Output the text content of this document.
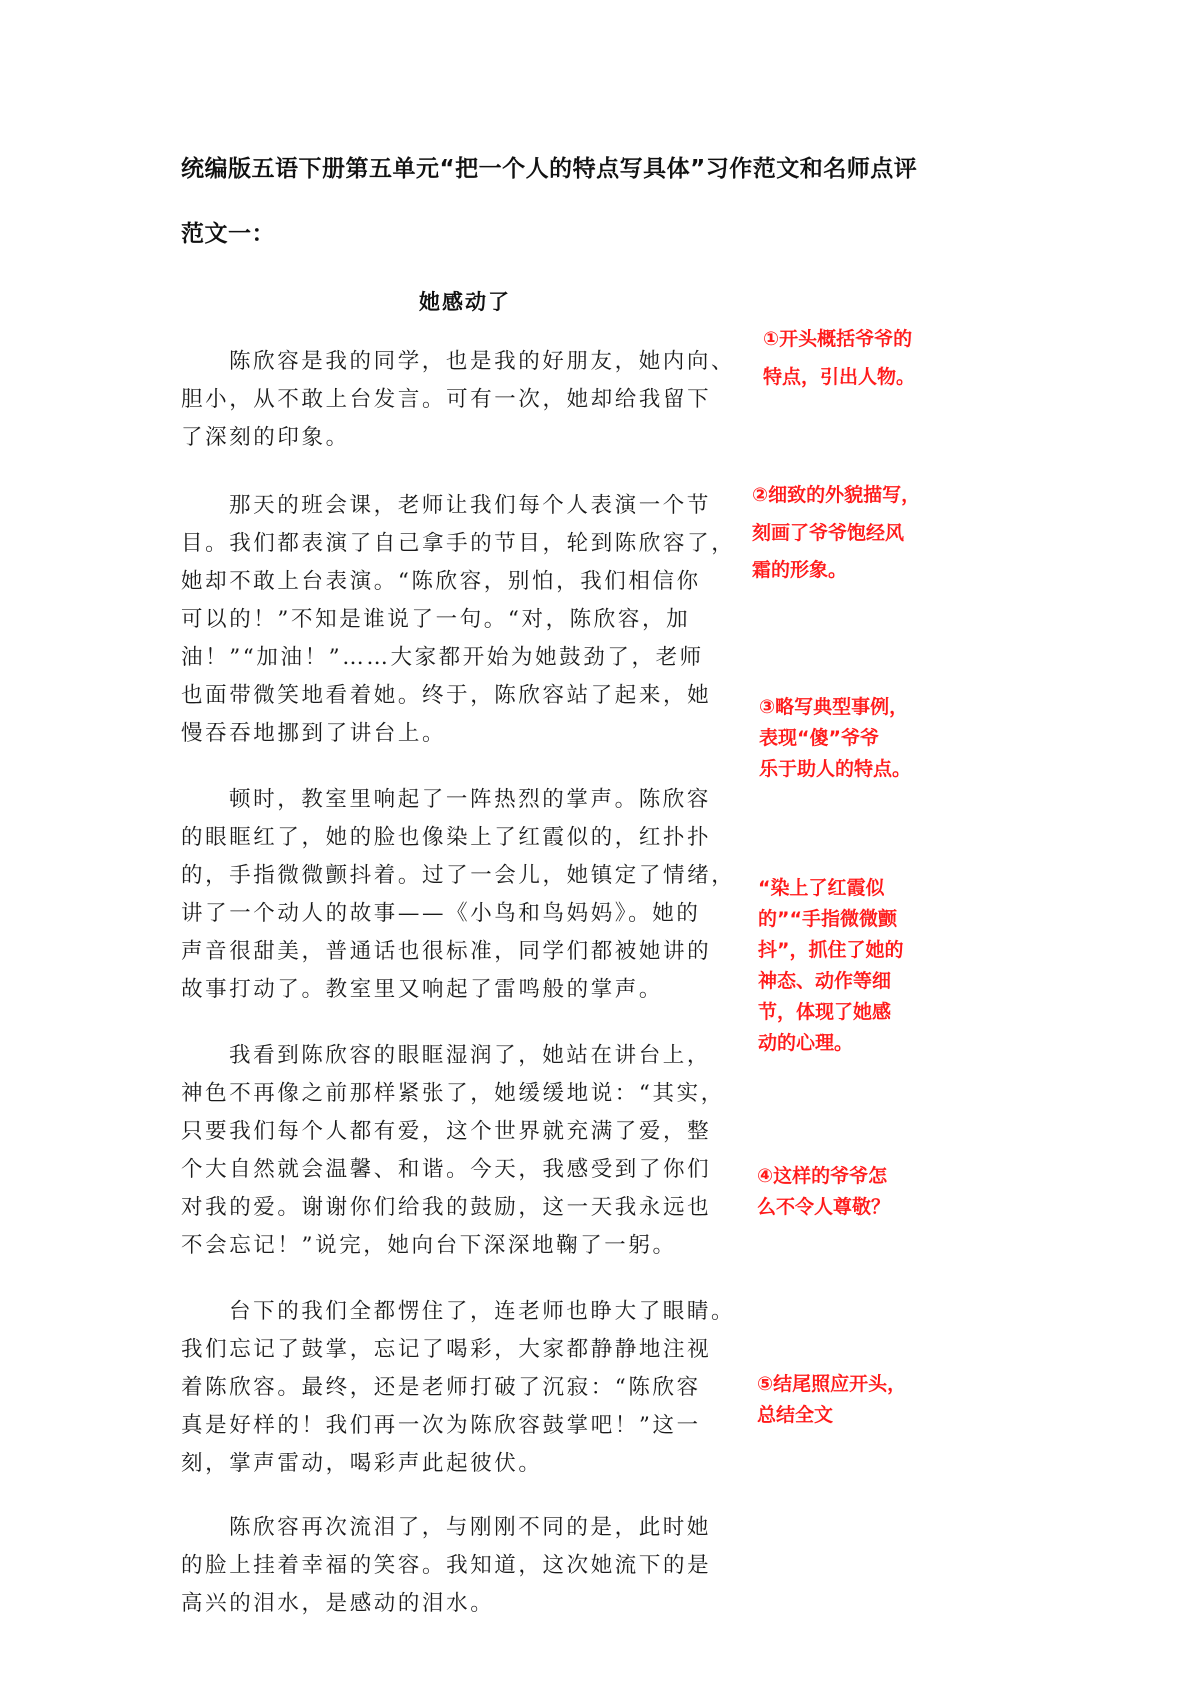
统编版五语下册第五单元“把一个人的特点写具体”习作范文和名师点评
范文一：
她感动了
陈欣容是我的同学，也是我的好朋友，她内向、
胆小，从不敢上台发言。可有一次，她却给我留下
了深刻的印象。
那天的班会课，老师让我们每个人表演一个节
目。我们都表演了自己拿手的节目，轮到陈欣容了，
她却不敢上台表演。“陈欣容，别怕，我们相信你
可以的！”不知是谁说了一句。“对，陈欣容，加
油！”“加油！”……大家都开始为她鼓劲了，老师
也面带微笑地看着她。终于，陈欣容站了起来，她
慢吞吞地挪到了讲台上。
顿时，教室里响起了一阵热烈的掌声。陈欣容
的眼眶红了，她的脸也像染上了红霞似的，红扑扑
的，手指微微颤抖着。过了一会儿，她镇定了情绪，
讲了一个动人的故事——《小鸟和鸟妈妈》。她的
声音很甜美，普通话也很标准，同学们都被她讲的
故事打动了。教室里又响起了雷鸣般的掌声。
我看到陈欣容的眼眶湿润了，她站在讲台上，
神色不再像之前那样紧张了，她缓缓地说：“其实，
只要我们每个人都有爱，这个世界就充满了爱，整
个大自然就会温馨、和谐。今天，我感受到了你们
对我的爱。谢谢你们给我的鼓励，这一天我永远也
不会忘记！”说完，她向台下深深地鞠了一躬。
台下的我们全都愣住了，连老师也睁大了眼睛。
我们忘记了鼓掌，忘记了喝彩，大家都静静地注视
着陈欣容。最终，还是老师打破了沉寂：“陈欣容
真是好样的！我们再一次为陈欣容鼓掌吧！”这一
刻，掌声雷动，喝彩声此起彼伏。
陈欣容再次流泪了，与刚刚不同的是，此时她
的脸上挂着幸福的笑容。我知道，这次她流下的是
高兴的泪水，是感动的泪水。
①开头概括爷爷的
特点，引出人物。
②细致的外貌描写，
刻画了爷爷饱经风
霜的形象。
③略写典型事例，
表现“傻”爷爷
乐于助人的特点。
“染上了红霞似
的”“手指微微颤
抖”，抓住了她的
神态、动作等细
节，体现了她感
动的心理。
④这样的爷爷怎
么不令人尊敬？
⑤结尾照应开头，
总结全文
